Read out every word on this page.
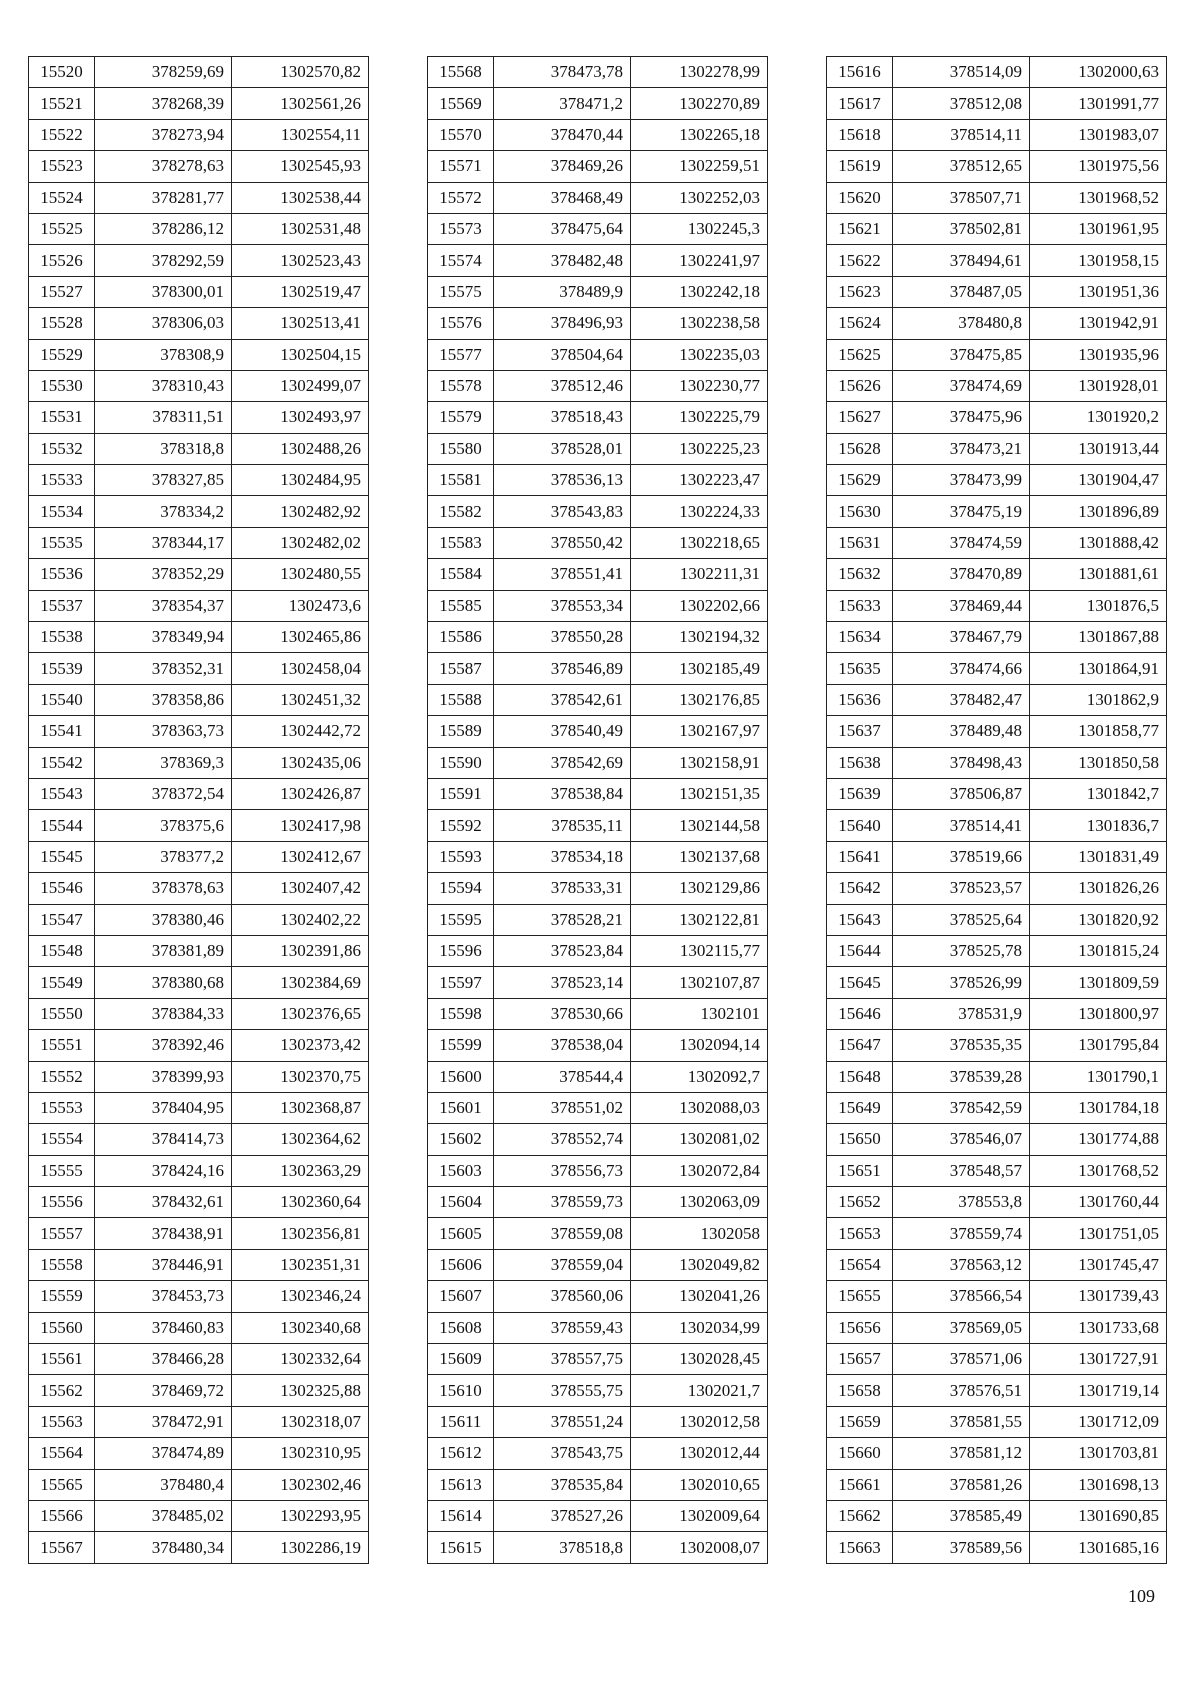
15520	378259,69	1302570,82
15521	378268,39	1302561,26
15522	378273,94	1302554,11
15523	378278,63	1302545,93
15524	378281,77	1302538,44
15525	378286,12	1302531,48
15526	378292,59	1302523,43
15527	378300,01	1302519,47
15528	378306,03	1302513,41
15529	378308,9	1302504,15
15530	378310,43	1302499,07
15531	378311,51	1302493,97
15532	378318,8	1302488,26
15533	378327,85	1302484,95
15534	378334,2	1302482,92
15535	378344,17	1302482,02
15536	378352,29	1302480,55
15537	378354,37	1302473,6
15538	378349,94	1302465,86
15539	378352,31	1302458,04
15540	378358,86	1302451,32
15541	378363,73	1302442,72
15542	378369,3	1302435,06
15543	378372,54	1302426,87
15544	378375,6	1302417,98
15545	378377,2	1302412,67
15546	378378,63	1302407,42
15547	378380,46	1302402,22
15548	378381,89	1302391,86
15549	378380,68	1302384,69
15550	378384,33	1302376,65
15551	378392,46	1302373,42
15552	378399,93	1302370,75
15553	378404,95	1302368,87
15554	378414,73	1302364,62
15555	378424,16	1302363,29
15556	378432,61	1302360,64
15557	378438,91	1302356,81
15558	378446,91	1302351,31
15559	378453,73	1302346,24
15560	378460,83	1302340,68
15561	378466,28	1302332,64
15562	378469,72	1302325,88
15563	378472,91	1302318,07
15564	378474,89	1302310,95
15565	378480,4	1302302,46
15566	378485,02	1302293,95
15567	378480,34	1302286,19
15568	378473,78	1302278,99
15569	378471,2	1302270,89
15570	378470,44	1302265,18
15571	378469,26	1302259,51
15572	378468,49	1302252,03
15573	378475,64	1302245,3
15574	378482,48	1302241,97
15575	378489,9	1302242,18
15576	378496,93	1302238,58
15577	378504,64	1302235,03
15578	378512,46	1302230,77
15579	378518,43	1302225,79
15580	378528,01	1302225,23
15581	378536,13	1302223,47
15582	378543,83	1302224,33
15583	378550,42	1302218,65
15584	378551,41	1302211,31
15585	378553,34	1302202,66
15586	378550,28	1302194,32
15587	378546,89	1302185,49
15588	378542,61	1302176,85
15589	378540,49	1302167,97
15590	378542,69	1302158,91
15591	378538,84	1302151,35
15592	378535,11	1302144,58
15593	378534,18	1302137,68
15594	378533,31	1302129,86
15595	378528,21	1302122,81
15596	378523,84	1302115,77
15597	378523,14	1302107,87
15598	378530,66	1302101
15599	378538,04	1302094,14
15600	378544,4	1302092,7
15601	378551,02	1302088,03
15602	378552,74	1302081,02
15603	378556,73	1302072,84
15604	378559,73	1302063,09
15605	378559,08	1302058
15606	378559,04	1302049,82
15607	378560,06	1302041,26
15608	378559,43	1302034,99
15609	378557,75	1302028,45
15610	378555,75	1302021,7
15611	378551,24	1302012,58
15612	378543,75	1302012,44
15613	378535,84	1302010,65
15614	378527,26	1302009,64
15615	378518,8	1302008,07
15616	378514,09	1302000,63
15617	378512,08	1301991,77
15618	378514,11	1301983,07
15619	378512,65	1301975,56
15620	378507,71	1301968,52
15621	378502,81	1301961,95
15622	378494,61	1301958,15
15623	378487,05	1301951,36
15624	378480,8	1301942,91
15625	378475,85	1301935,96
15626	378474,69	1301928,01
15627	378475,96	1301920,2
15628	378473,21	1301913,44
15629	378473,99	1301904,47
15630	378475,19	1301896,89
15631	378474,59	1301888,42
15632	378470,89	1301881,61
15633	378469,44	1301876,5
15634	378467,79	1301867,88
15635	378474,66	1301864,91
15636	378482,47	1301862,9
15637	378489,48	1301858,77
15638	378498,43	1301850,58
15639	378506,87	1301842,7
15640	378514,41	1301836,7
15641	378519,66	1301831,49
15642	378523,57	1301826,26
15643	378525,64	1301820,92
15644	378525,78	1301815,24
15645	378526,99	1301809,59
15646	378531,9	1301800,97
15647	378535,35	1301795,84
15648	378539,28	1301790,1
15649	378542,59	1301784,18
15650	378546,07	1301774,88
15651	378548,57	1301768,52
15652	378553,8	1301760,44
15653	378559,74	1301751,05
15654	378563,12	1301745,47
15655	378566,54	1301739,43
15656	378569,05	1301733,68
15657	378571,06	1301727,91
15658	378576,51	1301719,14
15659	378581,55	1301712,09
15660	378581,12	1301703,81
15661	378581,26	1301698,13
15662	378585,49	1301690,85
15663	378589,56	1301685,16
109
